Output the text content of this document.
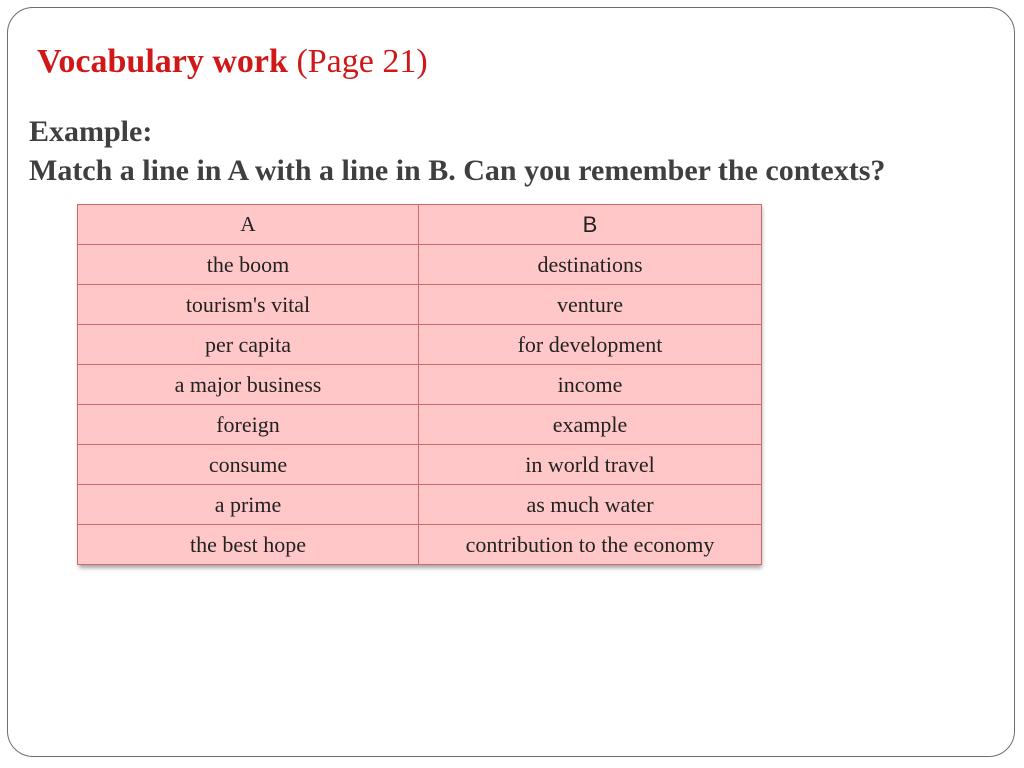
Vocabulary work (Page 21)
Example:
Match a line in A with a line in B. Can you remember the contexts?
A	B
the boom	destinations
tourism's vital	venture
per capita	for development
a major business	income
foreign	example
consume	in world travel
a prime	as much water
the best hope	contribution to the economy
